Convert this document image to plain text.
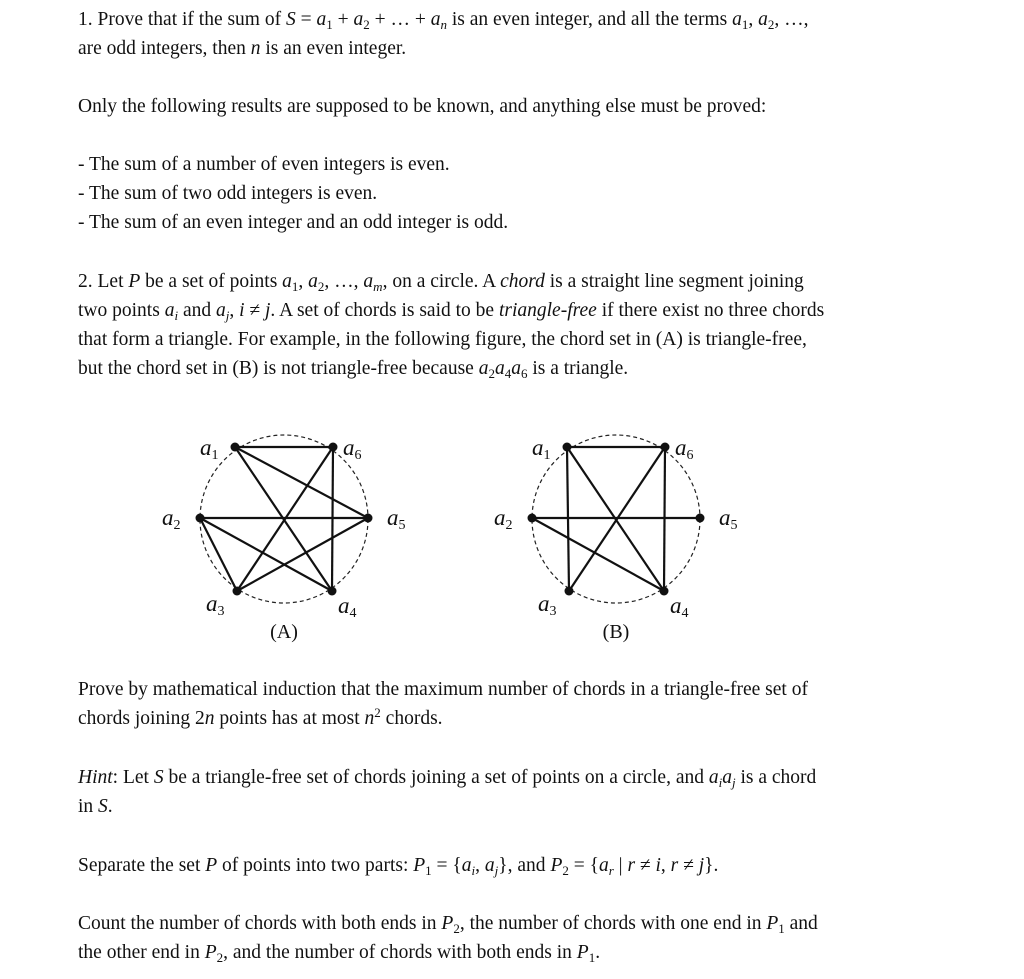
1. Prove that if the sum of $S = a_1 + a_2$ + … + $a_n$ is an even integer, and all the terms $a_1$, $a_2$, …,

are odd integers, then n is an even integer.

Only the following results are supposed to be known, and anything else must be proved:

- The sum of a number of even integers is even.

- The sum of two odd integers is even.

- The sum of an even integer and an odd integer is odd.

2. Let P be a set of points $a_1$, $a_2$, …, $a_m$, on a circle. A chord is a straight line segment joining

two points $a_i$ and $a_j$, i ≠ j. A set of chords is said to be triangle-free if there exist no three chords

that form a triangle. For example, in the following figure, the chord set in (A) is triangle-free,

but the chord set in (B) is not triangle-free because $a_2a_4a_6$ is a triangle.

a1
a2
a3	a4
a5
a6
(A)
a1
a2
a3	a4
a5
a6
(B)

Prove by mathematical induction that the maximum number of chords in a triangle-free set of

chords joining 2n points has at most $n^2$ chords.

Hint: Let S be a triangle-free set of chords joining a set of points on a circle, and $a_ia_j$ is a chord

in S.

Separate the set P of points into two parts: $P_1 = \{a_i$, $a_j$}, and $P_2 = \{a_r$ | r ≠ i, r ≠ j}.

Count the number of chords with both ends in $P_2$, the number of chords with one end in $P_1$ and

the other end in $P_2$, and the number of chords with both ends in $P_1$.
